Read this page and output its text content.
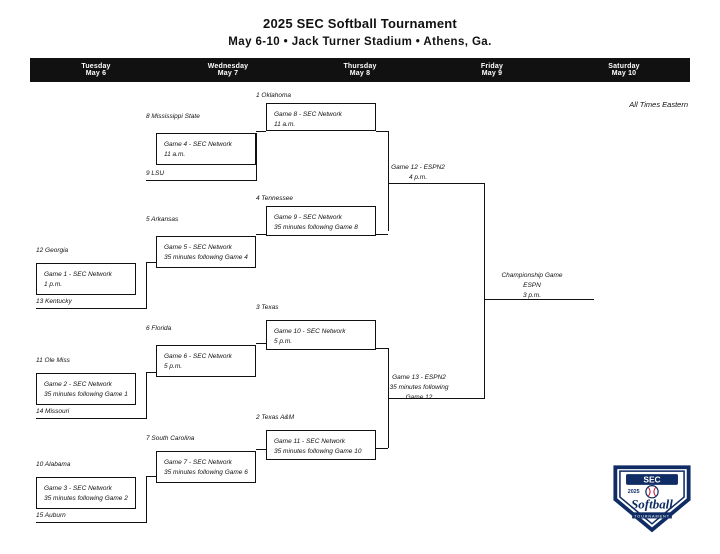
2025 SEC Softball Tournament
May 6-10 • Jack Turner Stadium • Athens, Ga.
Tuesday
May 6
Wednesday
May 7
Thursday
May 8
Friday
May 9
Saturday
May 10
All Times Eastern
1 Oklahoma
Game 8 - SEC Network
11 a.m.
8 Mississippi State
Game 4 - SEC Network
11 a.m.
9 LSU
4 Tennessee
Game 9 - SEC Network
35 minutes following Game 8
5 Arkansas
Game 5 - SEC Network
35 minutes following Game 4
12 Georgia
Game 1 - SEC Network
1 p.m.
13 Kentucky
Game 12 - ESPN2
4 p.m.
3 Texas
Game 10 - SEC Network
5 p.m.
6 Florida
Game 6 - SEC Network
5 p.m.
11 Ole Miss
Game 2 - SEC Network
35 minutes following Game 1
14 Missouri
2 Texas A&M
Game 11 - SEC Network
35 minutes following Game 10
7 South Carolina
Game 7 - SEC Network
35 minutes following Game 6
10 Alabama
Game 3 - SEC Network
35 minutes following Game 2
15 Auburn
Game 13 - ESPN2
35 minutes following
Championship Game
ESPN
3 p.m.
SEC
2025
Softball
TOURNAMENT
